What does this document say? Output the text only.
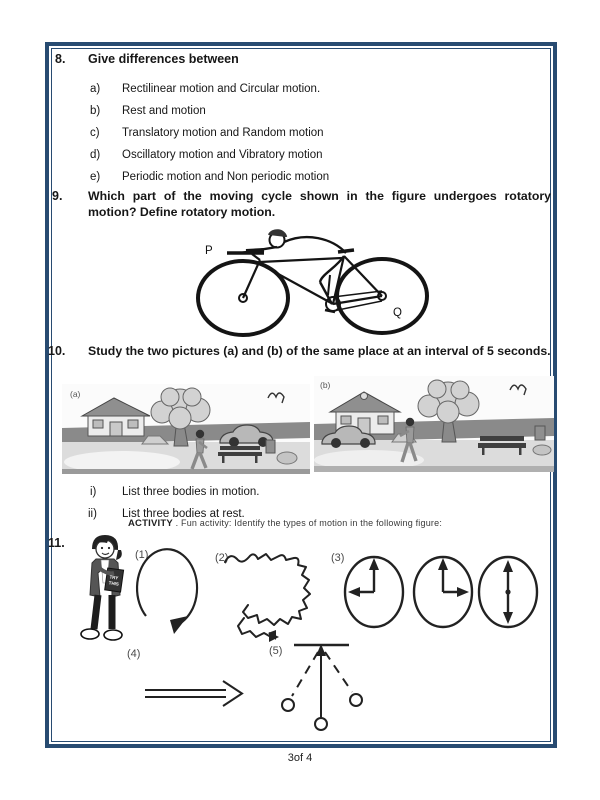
8. Give differences between
a) Rectilinear motion and Circular motion.
b) Rest and motion
c) Translatory motion and Random motion
d) Oscillatory motion and Vibratory motion
e) Periodic motion and Non periodic motion
9. Which part of the moving cycle shown in the figure undergoes rotatory motion? Define rotatory motion.
P
Q
10. Study the two pictures (a) and (b) of the same place at an interval of 5 seconds.
(a)
(b)
i) List three bodies in motion.
ii) List three bodies at rest.
ACTIVITY . Fun activity: Identify the types of motion in the following figure:
11.
TRY
THIS
(1)	(2)	(3)
(4)	(5)
3of 4
